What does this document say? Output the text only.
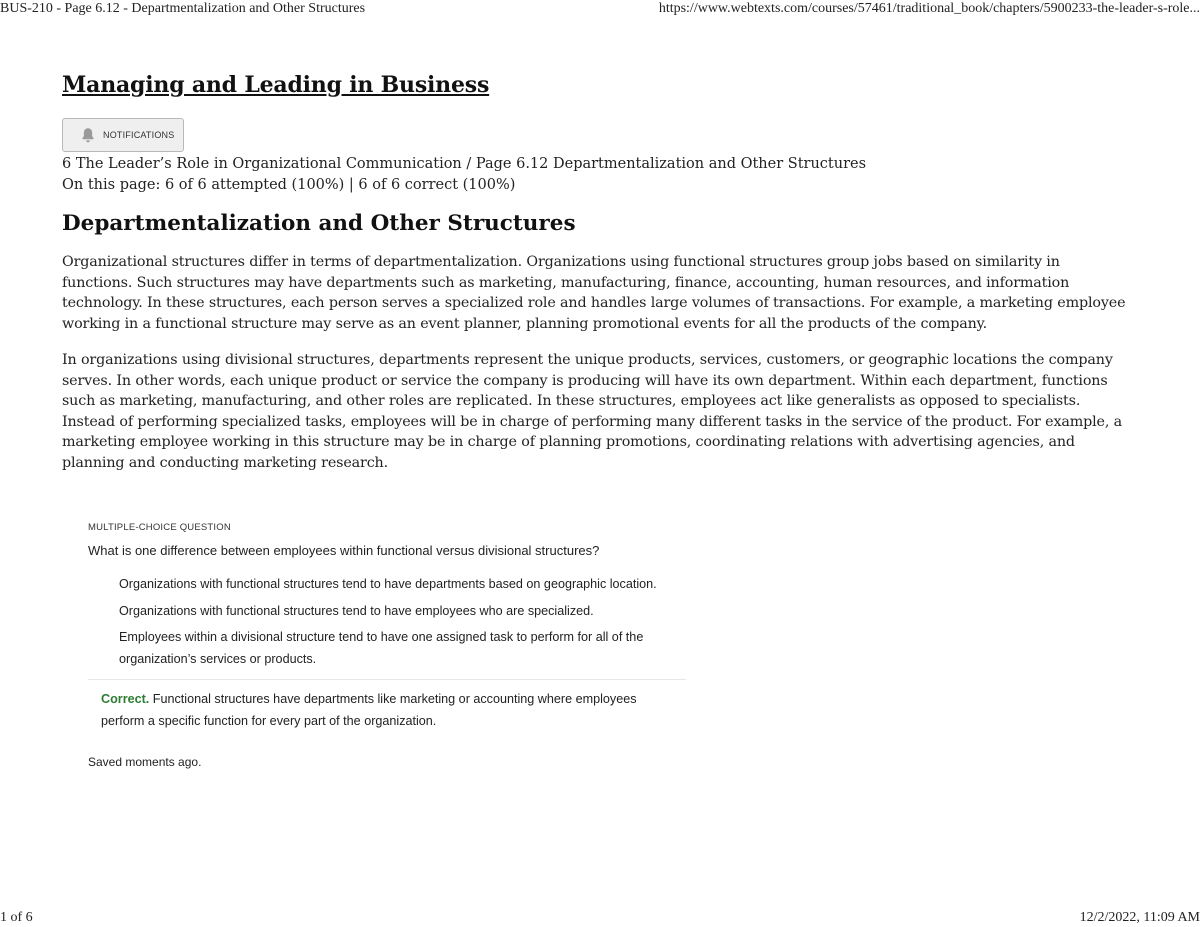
BUS-210 - Page 6.12 - Departmentalization and Other Structures	https://www.webtexts.com/courses/57461/traditional_book/chapters/5900233-the-leader-s-role...
Managing and Leading in Business
NOTIFICATIONS
6 The Leader’s Role in Organizational Communication / Page 6.12 Departmentalization and Other Structures
On this page: 6 of 6 attempted (100%) | 6 of 6 correct (100%)
Departmentalization and Other Structures

Organizational structures differ in terms of departmentalization. Organizations using functional structures group jobs based on similarity in functions. Such structures may have departments such as marketing, manufacturing, finance, accounting, human resources, and information technology. In these structures, each person serves a specialized role and handles large volumes of transactions. For example, a marketing employee working in a functional structure may serve as an event planner, planning promotional events for all the products of the company.

In organizations using divisional structures, departments represent the unique products, services, customers, or geographic locations the company serves. In other words, each unique product or service the company is producing will have its own department. Within each department, functions such as marketing, manufacturing, and other roles are replicated. In these structures, employees act like generalists as opposed to specialists. Instead of performing specialized tasks, employees will be in charge of performing many different tasks in the service of the product. For example, a marketing employee working in this structure may be in charge of planning promotions, coordinating relations with advertising agencies, and planning and conducting marketing research.

MULTIPLE-CHOICE QUESTION
What is one difference between employees within functional versus divisional structures?
Organizations with functional structures tend to have departments based on geographic location.
Organizations with functional structures tend to have employees who are specialized.
Employees within a divisional structure tend to have one assigned task to perform for all of the organization’s services or products.
Correct. Functional structures have departments like marketing or accounting where employees perform a specific function for every part of the organization.
Saved moments ago.
1 of 6	12/2/2022, 11:09 AM
